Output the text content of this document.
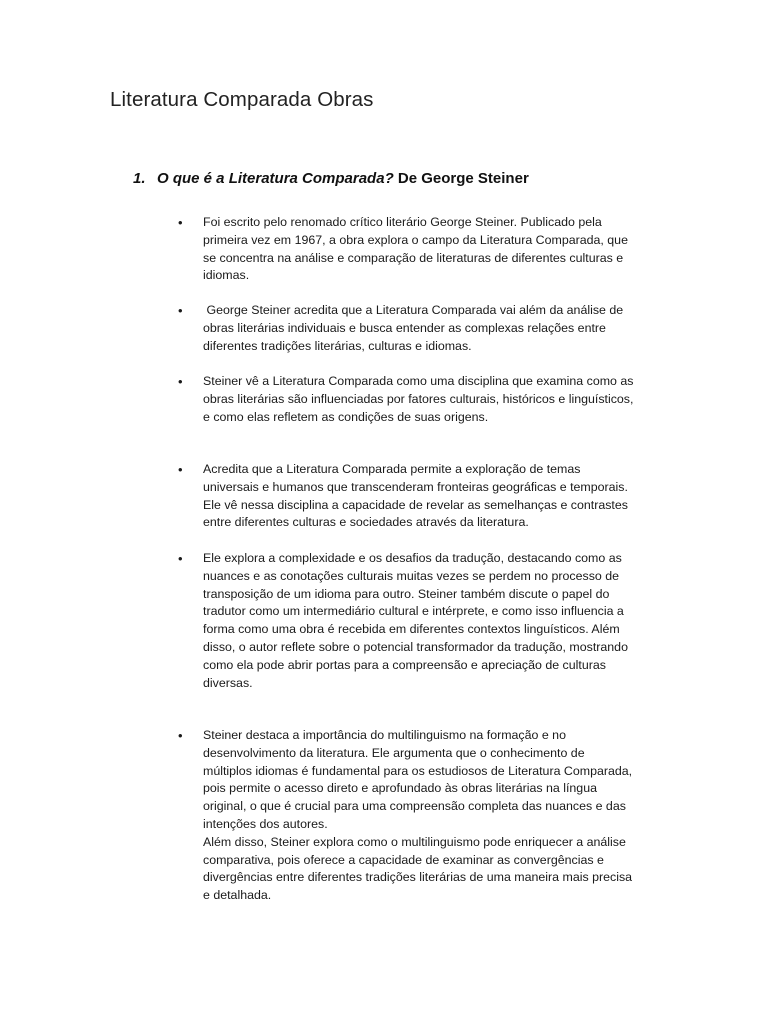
Literatura Comparada Obras
1. O que é a Literatura Comparada? De George Steiner
• Foi escrito pelo renomado crítico literário George Steiner. Publicado pela
primeira vez em 1967, a obra explora o campo da Literatura Comparada, que
se concentra na análise e comparação de literaturas de diferentes culturas e
idiomas.
• George Steiner acredita que a Literatura Comparada vai além da análise de
obras literárias individuais e busca entender as complexas relações entre
diferentes tradições literárias, culturas e idiomas.
• Steiner vê a Literatura Comparada como uma disciplina que examina como as
obras literárias são influenciadas por fatores culturais, históricos e linguísticos,
e como elas refletem as condições de suas origens.
• Acredita que a Literatura Comparada permite a exploração de temas
universais e humanos que transcenderam fronteiras geográficas e temporais.
Ele vê nessa disciplina a capacidade de revelar as semelhanças e contrastes
entre diferentes culturas e sociedades através da literatura.
• Ele explora a complexidade e os desafios da tradução, destacando como as
nuances e as conotações culturais muitas vezes se perdem no processo de
transposição de um idioma para outro. Steiner também discute o papel do
tradutor como um intermediário cultural e intérprete, e como isso influencia a
forma como uma obra é recebida em diferentes contextos linguísticos. Além
disso, o autor reflete sobre o potencial transformador da tradução, mostrando
como ela pode abrir portas para a compreensão e apreciação de culturas
diversas.
• Steiner destaca a importância do multilinguismo na formação e no
desenvolvimento da literatura. Ele argumenta que o conhecimento de
múltiplos idiomas é fundamental para os estudiosos de Literatura Comparada,
pois permite o acesso direto e aprofundado às obras literárias na língua
original, o que é crucial para uma compreensão completa das nuances e das
intenções dos autores.
Além disso, Steiner explora como o multilinguismo pode enriquecer a análise
comparativa, pois oferece a capacidade de examinar as convergências e
divergências entre diferentes tradições literárias de uma maneira mais precisa
e detalhada.
